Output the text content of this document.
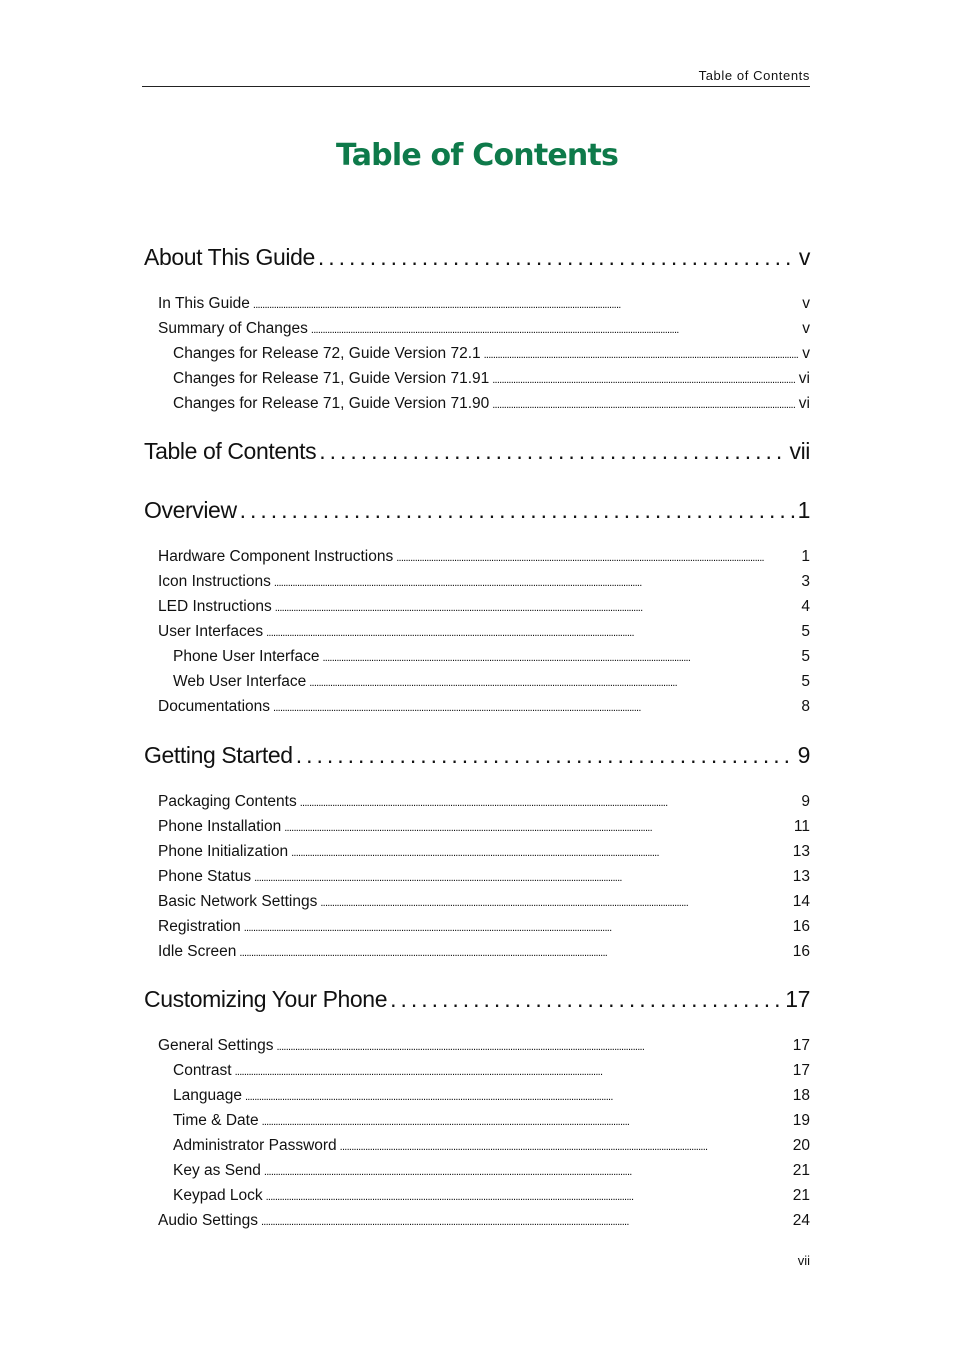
Table of Contents
Table of Contents
About This Guide . . .	v
In This Guide . . .	v
Summary of Changes . . .	v
Changes for Release 72, Guide Version 72.1 . . .	v
Changes for Release 71, Guide Version 71.91 . . .	vi
Changes for Release 71, Guide Version 71.90 . . .	vi
Table of Contents . . .	vii
Overview . . .	1
Hardware Component Instructions . . .	1
Icon Instructions . . .	3
LED Instructions . . .	4
User Interfaces . . .	5
Phone User Interface . . .	5
Web User Interface . . .	5
Documentations . . .	8
Getting Started . . .	9
Packaging Contents . . .	9
Phone Installation . . .	11
Phone Initialization . . .	13
Phone Status . . .	13
Basic Network Settings . . .	14
Registration . . .	16
Idle Screen . . .	16
Customizing Your Phone . . .	17
General Settings . . .	17
Contrast . . .	17
Language . . .	18
Time & Date . . .	19
Administrator Password . . .	20
Key as Send . . .	21
Keypad Lock . . .	21
Audio Settings . . .	24
vii
